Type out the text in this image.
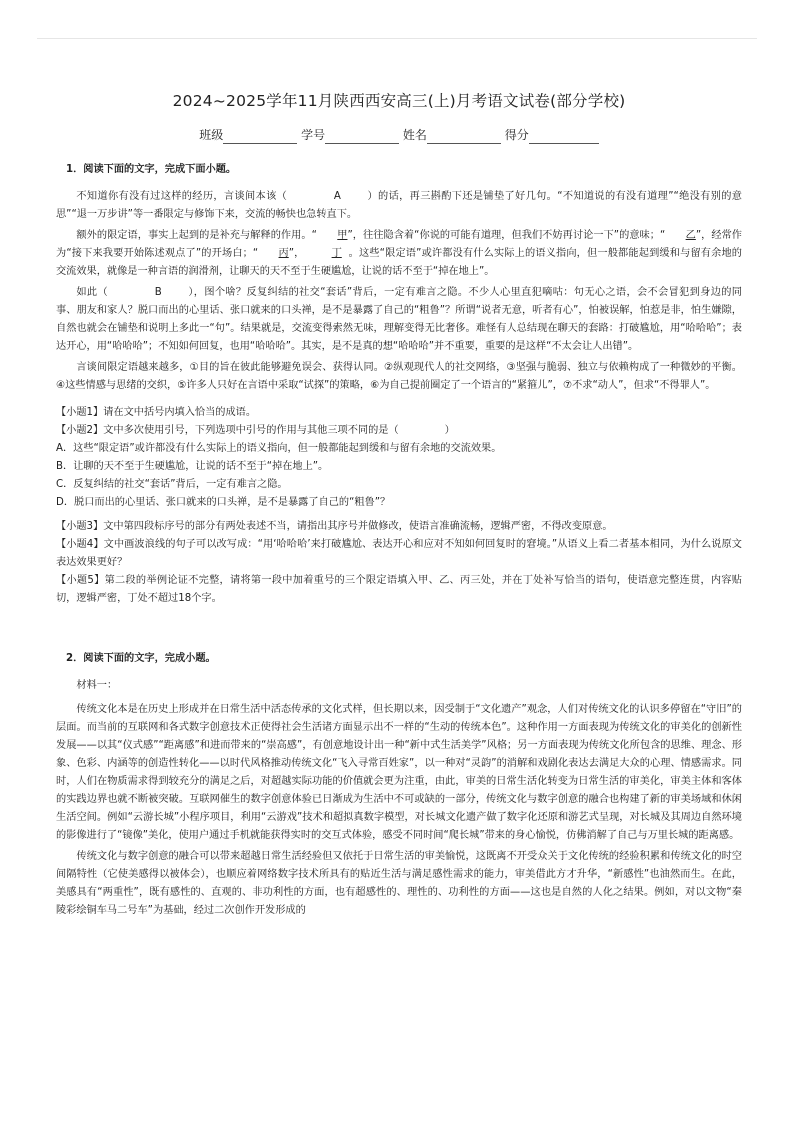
2024~2025学年11月陕西西安高三(上)月考语文试卷(部分学校)
班级	学号	姓名	得分
1．阅读下面的文字，完成下面小题。

不知道你有没有过这样的经历，言谈间本该（	A	）的话，再三斟酌下还是铺垫了好几句。“不知道说的有没有道理”“绝没有别的意思”“退一万步讲”等一番限定与修饰下来，交流的畅快也急转直下。

额外的限定语，事实上起到的是补充与解释的作用。“ 甲”，往往隐含着“你说的可能有道理，但我们不妨再讨论一下”的意味；“ 乙”，经常作为“接下来我要开始陈述观点了”的开场白；“ 丙”，	丁 。这些“限定语”或许都没有什么实际上的语义指向，但一般都能起到缓和与留有余地的交流效果，就像是一种言语的润滑剂，让聊天的天不至于生硬尴尬，让说的话不至于“掉在地上”。

如此（	B	），图个啥？反复纠结的社交“套话”背后，一定有难言之隐。不少人心里直犯嘀咕：句无心之语，会不会冒犯到身边的同事、朋友和家人？脱口而出的心里话、张口就来的口头禅，是不是暴露了自己的“粗鲁”？所谓“说者无意，听者有心”，怕被误解，怕惹是非，怕生嫌隙，自然也就会在铺垫和说明上多此一“句”。结果就是，交流变得索然无味，理解变得无比奢侈。难怪有人总结现在聊天的套路：打破尴尬，用“哈哈哈”；表达开心，用“哈哈哈”；不知如何回复，也用“哈哈哈”。其实，是不是真的想“哈哈哈”并不重要，重要的是这样“不太会让人出错”。

言谈间限定语越来越多，①目的旨在彼此能够避免误会、获得认同。②纵观现代人的社交网络，③坚强与脆弱、独立与依赖构成了一种微妙的平衡。④这些情感与思绪的交织，⑤许多人只好在言语中采取“试探”的策略，⑥为自己提前圈定了一个语言的“紧箍儿”，⑦不求“动人”，但求“不得罪人”。

【小题1】请在文中括号内填入恰当的成语。

【小题2】文中多次使用引号，下列选项中引号的作用与其他三项不同的是（	）

A．这些“限定语”或许都没有什么实际上的语义指向，但一般都能起到缓和与留有余地的交流效果。

B．让聊的天不至于生硬尴尬，让说的话不至于“掉在地上”。

C．反复纠结的社交“套话”背后，一定有难言之隐。

D．脱口而出的心里话、张口就来的口头禅，是不是暴露了自己的“粗鲁”？

【小题3】文中第四段标序号的部分有两处表述不当，请指出其序号并做修改，使语言准确流畅，逻辑严密，不得改变原意。

【小题4】文中画波浪线的句子可以改写成：“用‘哈哈哈’来打破尴尬、表达开心和应对不知如何回复时的窘境。”从语义上看二者基本相同，为什么说原文表达效果更好？

【小题5】第二段的举例论证不完整，请将第一段中加着重号的三个限定语填入甲、乙、丙三处，并在丁处补写恰当的语句，使语意完整连贯，内容贴切，逻辑严密，丁处不超过18个字。

2．阅读下面的文字，完成小题。

材料一：

传统文化本是在历史上形成并在日常生活中活态传承的文化式样，但长期以来，因受制于“文化遗产”观念，人们对传统文化的认识多停留在“守旧”的层面。而当前的互联网和各式数字创意技术正使得社会生活诸方面显示出不一样的“生动的传统本色”。这种作用一方面表现为传统文化的审美化的创新性发展——以其“仪式感”“距离感”和进而带来的“崇高感”，有创意地设计出一种“新中式生活美学”风格；另一方面表现为传统文化所包含的思维、理念、形象、色彩、内涵等的创造性转化——以时代风格推动传统文化“飞入寻常百姓家”，以一种对“灵韵”的消解和戏剧化表达去满足大众的心理、情感需求。同时，人们在物质需求得到较充分的满足之后，对超越实际功能的价值就会更为注重，由此，审美的日常生活化转变为日常生活的审美化，审美主体和客体的实践边界也就不断被突破。互联网催生的数字创意体验已日渐成为生活中不可或缺的一部分，传统文化与数字创意的融合也构建了新的审美场域和休闲生活空间。例如“云游长城”小程序项目，利用“云游戏”技术和超拟真数字模型，对长城文化遗产做了数字化还原和游艺式呈现，对长城及其周边自然环境的影像进行了“镜像”美化，使用户通过手机就能获得实时的交互式体验，感受不同时间“爬长城”带来的身心愉悦，仿佛消解了自己与万里长城的距离感。

传统文化与数字创意的融合可以带来超越日常生活经验但又依托于日常生活的审美愉悦，这既离不开受众关于文化传统的经验积累和传统文化的时空间隔特性（它使美感得以被体会），也顺应着网络数字技术所具有的贴近生活与满足感性需求的能力，审美借此方才升华，“新感性”也油然而生。在此，美感具有“两重性”，既有感性的、直观的、非功利性的方面，也有超感性的、理性的、功利性的方面——这也是自然的人化之结果。例如，对以文物“秦陵彩绘铜车马二号车”为基础，经过二次创作开发形成的
